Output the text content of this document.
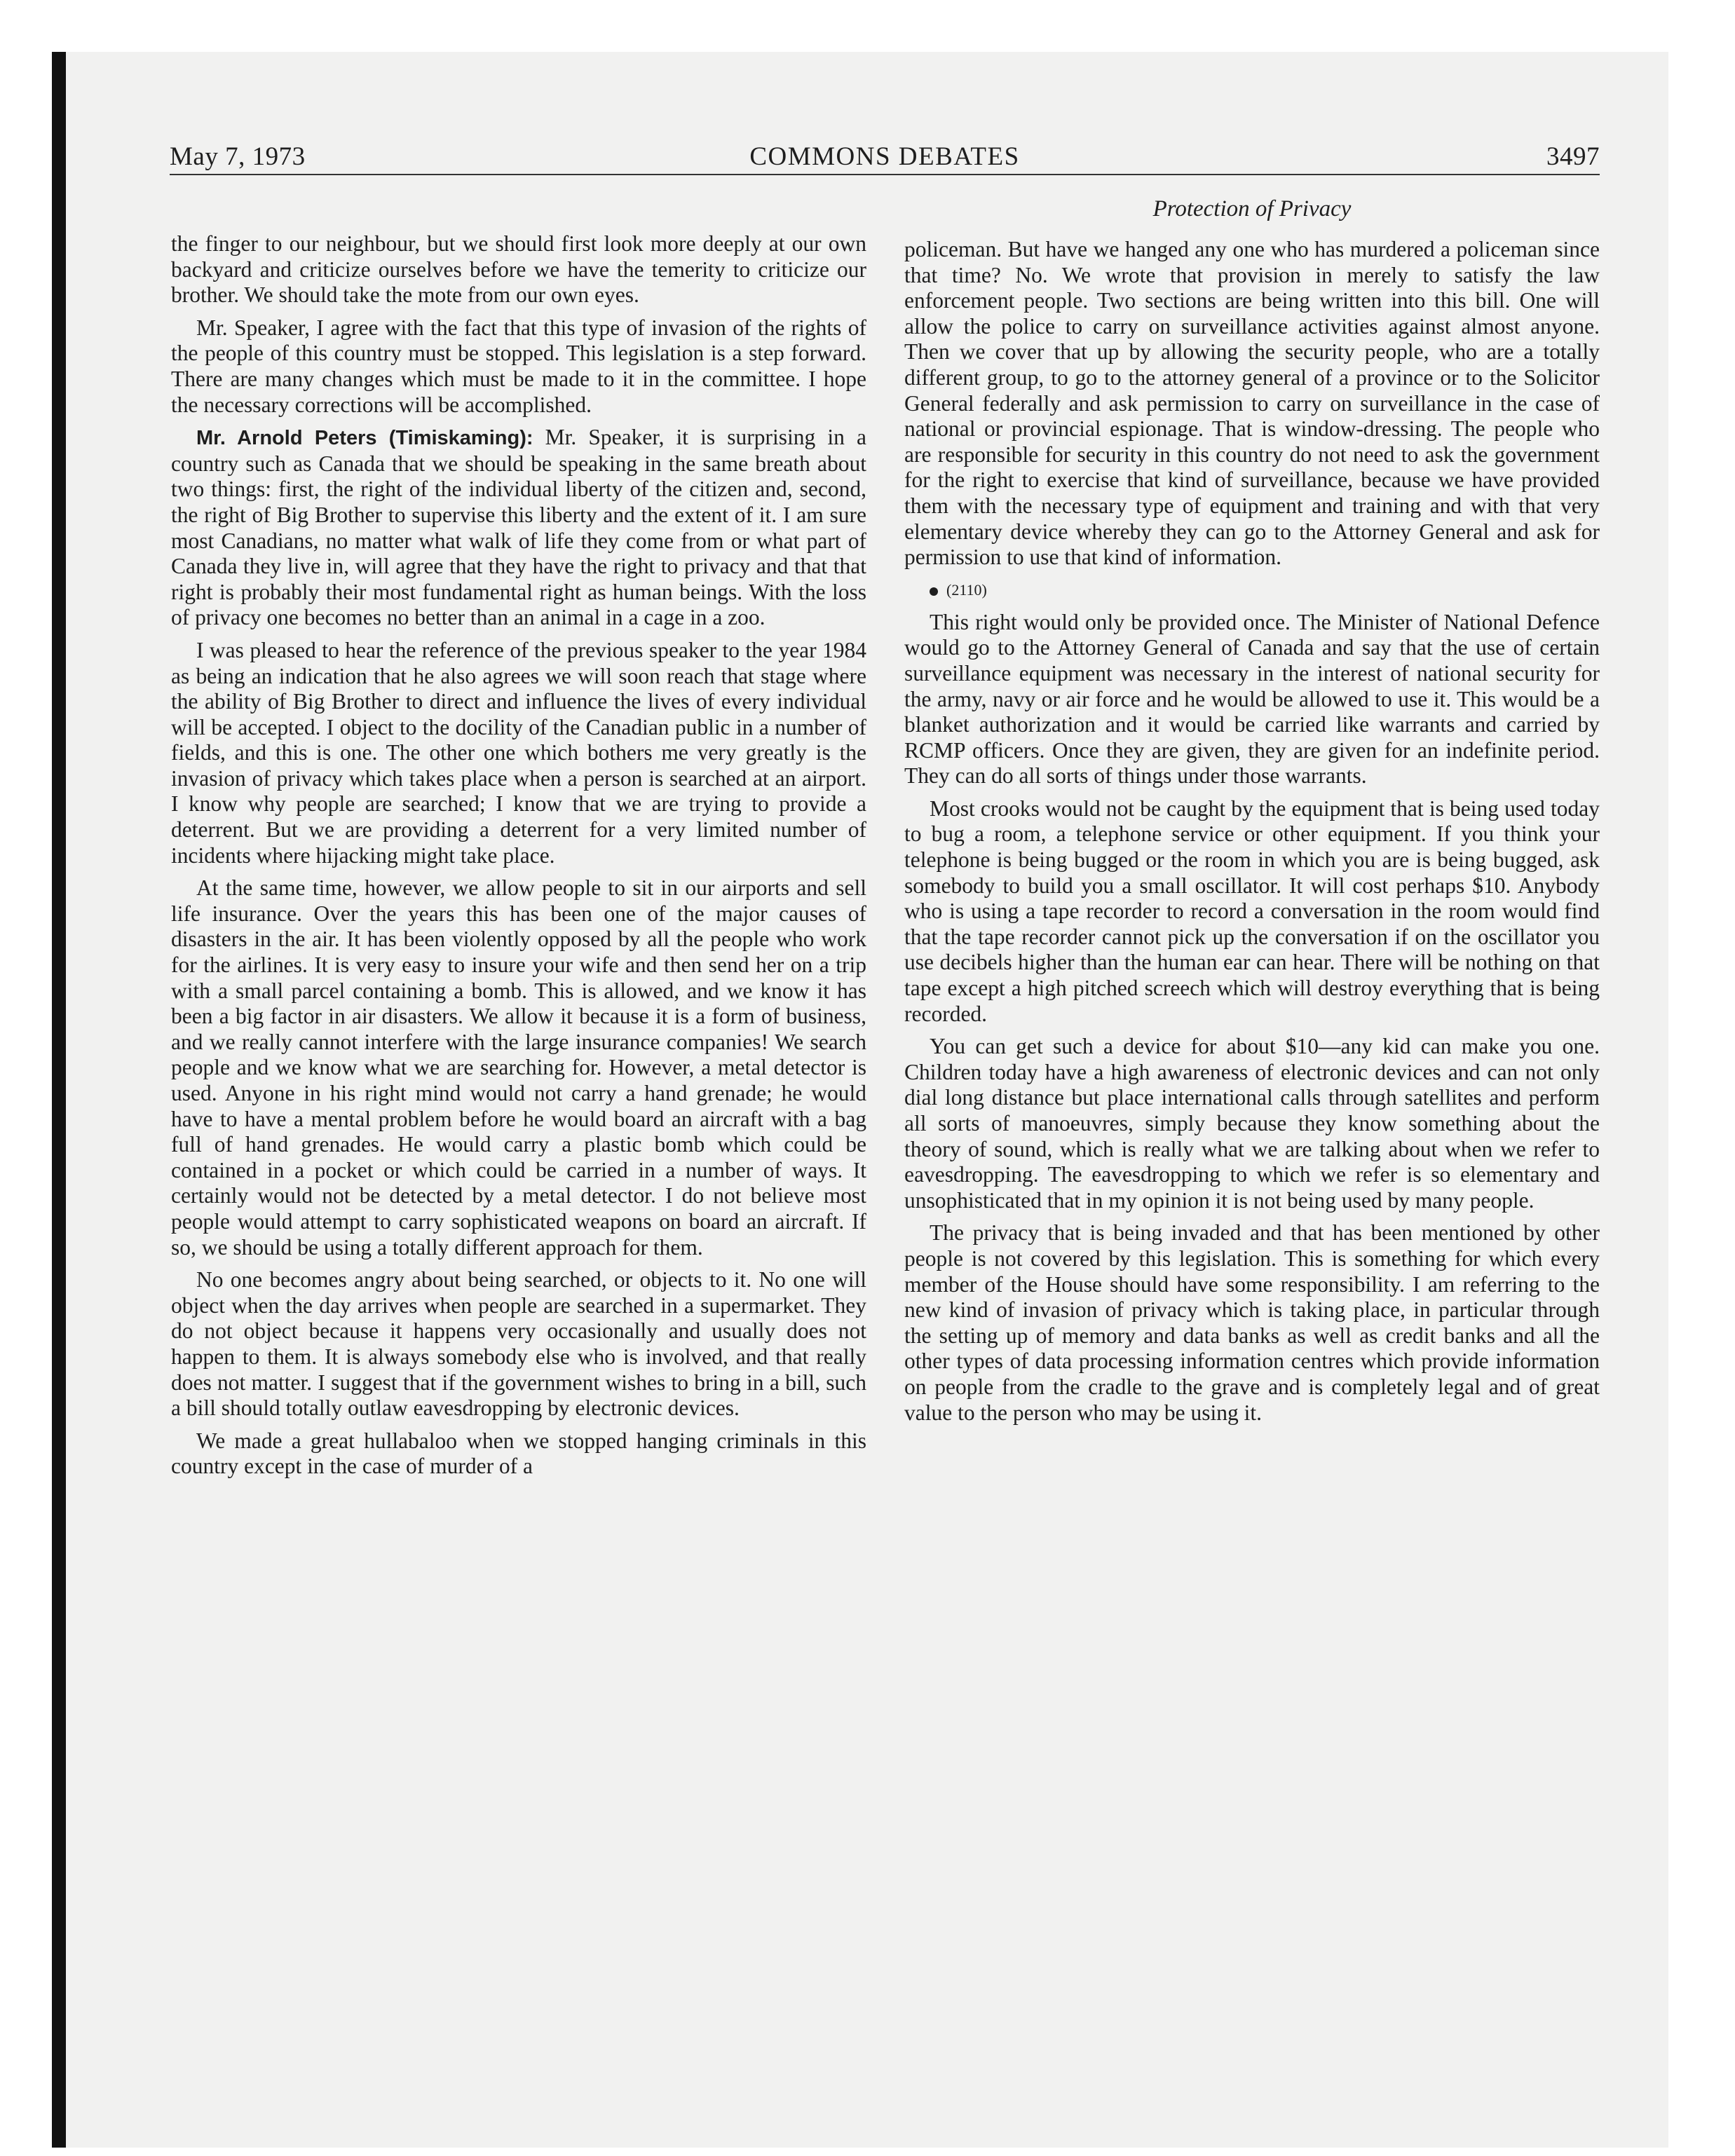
May 7, 1973	COMMONS DEBATES	3497
Protection of Privacy

the finger to our neighbour, but we should first look more deeply at our own backyard and criticize ourselves before we have the temerity to criticize our brother. We should take the mote from our own eyes.

Mr. Speaker, I agree with the fact that this type of invasion of the rights of the people of this country must be stopped. This legislation is a step forward. There are many changes which must be made to it in the committee. I hope the necessary corrections will be accomplished.

Mr. Arnold Peters (Timiskaming): Mr. Speaker, it is surprising in a country such as Canada that we should be speaking in the same breath about two things: first, the right of the individual liberty of the citizen and, second, the right of Big Brother to supervise this liberty and the extent of it. I am sure most Canadians, no matter what walk of life they come from or what part of Canada they live in, will agree that they have the right to privacy and that that right is probably their most fundamental right as human beings. With the loss of privacy one becomes no better than an animal in a cage in a zoo.

I was pleased to hear the reference of the previous speaker to the year 1984 as being an indication that he also agrees we will soon reach that stage where the ability of Big Brother to direct and influence the lives of every individual will be accepted. I object to the docility of the Canadian public in a number of fields, and this is one. The other one which bothers me very greatly is the invasion of privacy which takes place when a person is searched at an airport. I know why people are searched; I know that we are trying to provide a deterrent. But we are providing a deterrent for a very limited number of incidents where hijacking might take place.

At the same time, however, we allow people to sit in our airports and sell life insurance. Over the years this has been one of the major causes of disasters in the air. It has been violently opposed by all the people who work for the airlines. It is very easy to insure your wife and then send her on a trip with a small parcel containing a bomb. This is allowed, and we know it has been a big factor in air disasters. We allow it because it is a form of business, and we really cannot interfere with the large insurance companies! We search people and we know what we are searching for. However, a metal detector is used. Anyone in his right mind would not carry a hand grenade; he would have to have a mental problem before he would board an aircraft with a bag full of hand grenades. He would carry a plastic bomb which could be contained in a pocket or which could be carried in a number of ways. It certainly would not be detected by a metal detector. I do not believe most people would attempt to carry sophisticated weapons on board an aircraft. If so, we should be using a totally different approach for them.

No one becomes angry about being searched, or objects to it. No one will object when the day arrives when people are searched in a supermarket. They do not object because it happens very occasionally and usually does not happen to them. It is always somebody else who is involved, and that really does not matter. I suggest that if the government wishes to bring in a bill, such a bill should totally outlaw eavesdropping by electronic devices.

We made a great hullabaloo when we stopped hanging criminals in this country except in the case of murder of a

policeman. But have we hanged any one who has murdered a policeman since that time? No. We wrote that provision in merely to satisfy the law enforcement people. Two sections are being written into this bill. One will allow the police to carry on surveillance activities against almost anyone. Then we cover that up by allowing the security people, who are a totally different group, to go to the attorney general of a province or to the Solicitor General federally and ask permission to carry on surveillance in the case of national or provincial espionage. That is window-dressing. The people who are responsible for security in this country do not need to ask the government for the right to exercise that kind of surveillance, because we have provided them with the necessary type of equipment and training and with that very elementary device whereby they can go to the Attorney General and ask for permission to use that kind of information.

(2110)

This right would only be provided once. The Minister of National Defence would go to the Attorney General of Canada and say that the use of certain surveillance equipment was necessary in the interest of national security for the army, navy or air force and he would be allowed to use it. This would be a blanket authorization and it would be carried like warrants and carried by RCMP officers. Once they are given, they are given for an indefinite period. They can do all sorts of things under those warrants.

Most crooks would not be caught by the equipment that is being used today to bug a room, a telephone service or other equipment. If you think your telephone is being bugged or the room in which you are is being bugged, ask somebody to build you a small oscillator. It will cost perhaps $10. Anybody who is using a tape recorder to record a conversation in the room would find that the tape recorder cannot pick up the conversation if on the oscillator you use decibels higher than the human ear can hear. There will be nothing on that tape except a high pitched screech which will destroy everything that is being recorded.

You can get such a device for about $10—any kid can make you one. Children today have a high awareness of electronic devices and can not only dial long distance but place international calls through satellites and perform all sorts of manoeuvres, simply because they know something about the theory of sound, which is really what we are talking about when we refer to eavesdropping. The eavesdropping to which we refer is so elementary and unsophisticated that in my opinion it is not being used by many people.

The privacy that is being invaded and that has been mentioned by other people is not covered by this legislation. This is something for which every member of the House should have some responsibility. I am referring to the new kind of invasion of privacy which is taking place, in particular through the setting up of memory and data banks as well as credit banks and all the other types of data processing information centres which provide information on people from the cradle to the grave and is completely legal and of great value to the person who may be using it.
